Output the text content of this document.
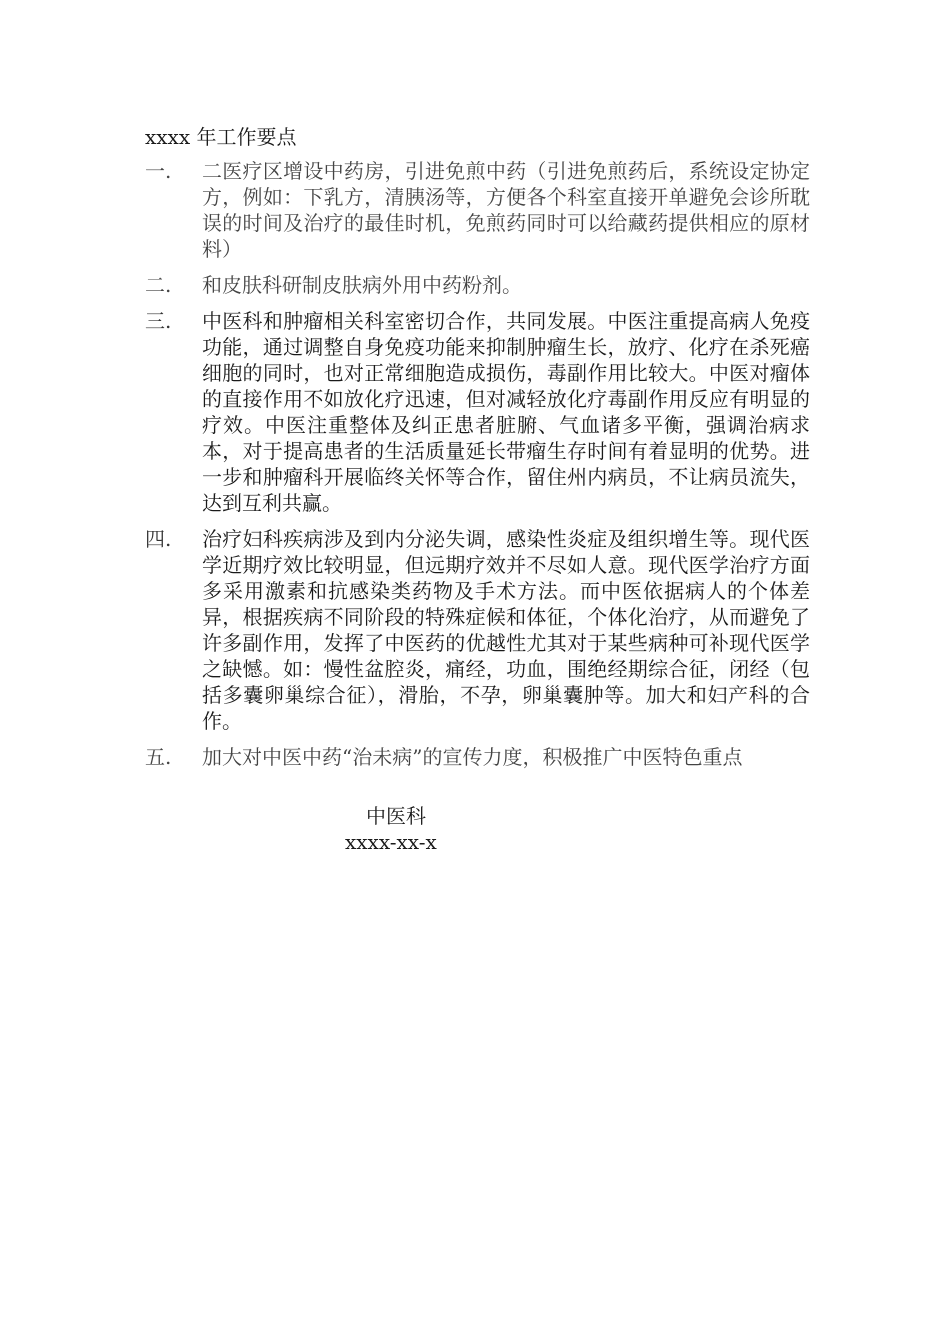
xxxx 年工作要点
一.	二医疗区增设中药房，引进免煎中药（引进免煎药后，系统设定协定方，例如：下乳方，清胰汤等，方便各个科室直接开单避免会诊所耽误的时间及治疗的最佳时机，免煎药同时可以给藏药提供相应的原材料）
二.	和皮肤科研制皮肤病外用中药粉剂。
三.	中医科和肿瘤相关科室密切合作，共同发展。中医注重提高病人免疫功能，通过调整自身免疫功能来抑制肿瘤生长，放疗、化疗在杀死癌细胞的同时，也对正常细胞造成损伤，毒副作用比较大。中医对瘤体的直接作用不如放化疗迅速，但对减轻放化疗毒副作用反应有明显的疗效。中医注重整体及纠正患者脏腑、气血诸多平衡，强调治病求本，对于提高患者的生活质量延长带瘤生存时间有着显明的优势。进一步和肿瘤科开展临终关怀等合作，留住州内病员，不让病员流失，达到互利共赢。
四.	治疗妇科疾病涉及到内分泌失调，感染性炎症及组织增生等。现代医学近期疗效比较明显，但远期疗效并不尽如人意。现代医学治疗方面多采用激素和抗感染类药物及手术方法。而中医依据病人的个体差异，根据疾病不同阶段的特殊症候和体征，个体化治疗，从而避免了许多副作用，发挥了中医药的优越性尤其对于某些病种可补现代医学之缺憾。如：慢性盆腔炎，痛经，功血，围绝经期综合征，闭经（包括多囊卵巢综合征），滑胎，不孕，卵巢囊肿等。加大和妇产科的合作。
五.	加大对中医中药“治未病”的宣传力度，积极推广中医特色重点
中医科
xxxx-xx-x
